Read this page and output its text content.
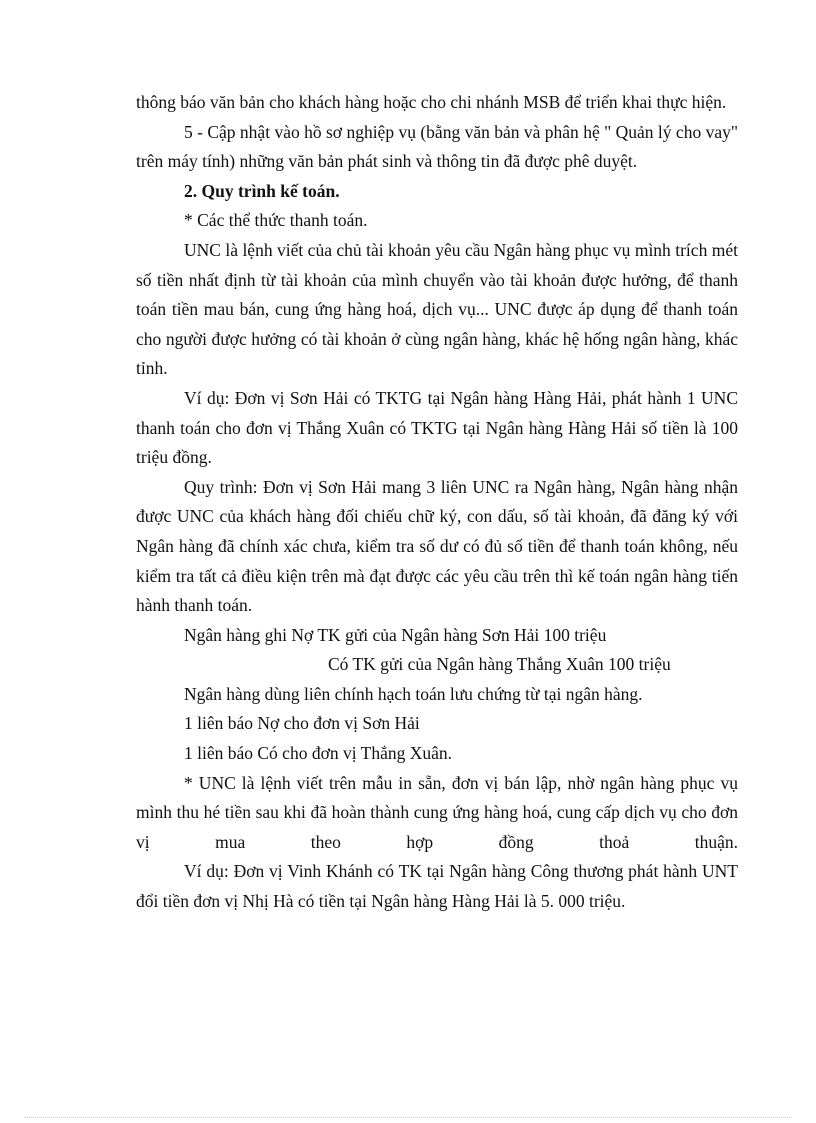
thông báo văn bản cho khách hàng hoặc cho chi nhánh MSB để triển khai thực hiện.

5 - Cập nhật vào hồ sơ nghiệp vụ (bằng văn bản và phân hệ " Quản lý cho vay" trên máy tính) những văn bản phát sinh và thông tin đã được phê duyệt.

2. Quy trình kế toán.

* Các thể thức thanh toán.

UNC là lệnh viết của chủ tài khoản yêu cầu Ngân hàng phục vụ mình trích mét số tiền nhất định từ tài khoản của mình chuyển vào tài khoản được hưởng, để thanh toán tiền mau bán, cung ứng hàng hoá, dịch vụ... UNC được áp dụng để thanh toán cho người được hưởng có tài khoản ở cùng ngân hàng, khác hệ hống ngân hàng, khác tỉnh.

Ví dụ: Đơn vị Sơn Hải có TKTG tại Ngân hàng Hàng Hải, phát hành 1 UNC thanh toán cho đơn vị Thắng Xuân có TKTG tại Ngân hàng Hàng Hải số tiền là 100 triệu đồng.

Quy trình: Đơn vị Sơn Hải mang 3 liên UNC ra Ngân hàng, Ngân hàng nhận được UNC của khách hàng đối chiếu chữ ký, con dấu, số tài khoản, đã đăng ký với Ngân hàng đã chính xác chưa, kiểm tra số dư có đủ số tiền để thanh toán không, nếu kiểm tra tất cả điều kiện trên mà đạt được các yêu cầu trên thì kế toán ngân hàng tiến hành thanh toán.

Ngân hàng ghi Nợ TK gửi của Ngân hàng Sơn Hải 100 triệu

Có TK gửi của Ngân hàng Thắng Xuân 100 triệu

Ngân hàng dùng liên chính hạch toán lưu chứng từ tại ngân hàng.

1 liên báo Nợ cho đơn vị Sơn Hải

1 liên báo Có cho đơn vị Thắng Xuân.

* UNC là lệnh viết trên mẫu in sẵn, đơn vị bán lập, nhờ ngân hàng phục vụ mình thu hé tiền sau khi đã hoàn thành cung ứng hàng hoá, cung cấp dịch vụ cho đơn vị mua theo hợp đồng thoả thuận.

Ví dụ: Đơn vị Vinh Khánh có TK tại Ngân hàng Công thương phát hành UNT đổi tiền đơn vị Nhị Hà có tiền tại Ngân hàng Hàng Hải là 5. 000 triệu.
